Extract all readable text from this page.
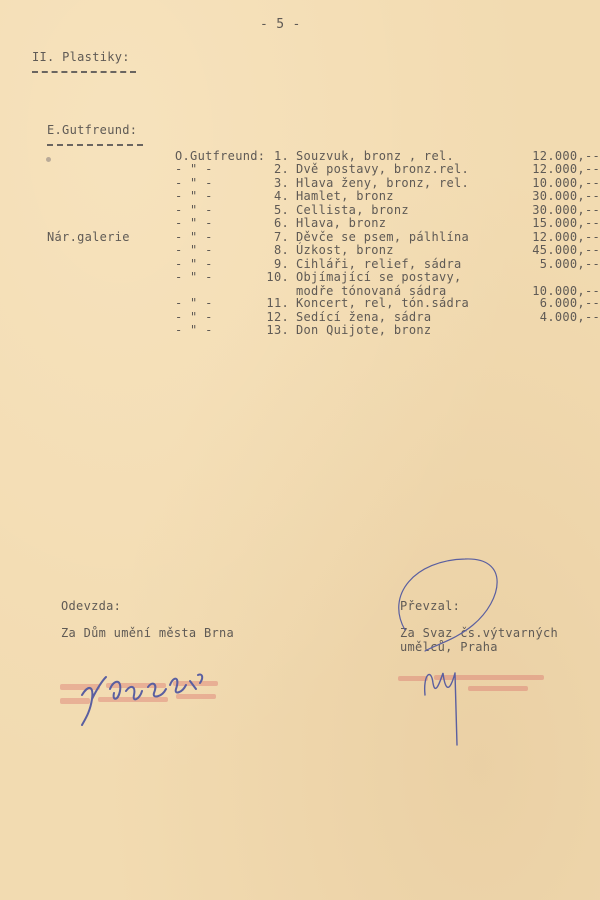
- 5 -
II. Plastiky:
E.Gutfreund:
Nár.galerie
O.Gutfreund: 1. Souzvuk, bronz , rel.	12.000,--
- " -	2. Dvě postavy, bronz.rel.	12.000,--
- " -	3. Hlava ženy, bronz, rel.	10.000,--
- " -	4. Hamlet, bronz	30.000,--
- " -	5. Cellista, bronz	30.000,--
- " -	6. Hlava, bronz	15.000,--
- " -	7. Děvče se psem, pálhlína	12.000,--
- " -	8. Úzkost, bronz	45.000,--
- " -	9. Cihláři, relief, sádra	5.000,--
- " -	10. Objímající se postavy,
modře tónovaná sádra	10.000,--
- " -	11. Koncert, rel, tón.sádra	6.000,--
- " -	12. Sedící žena, sádra	4.000,--
- " -	13. Don Quijote, bronz
Odevzda:
Za Dům umění města Brna
Převzal:
Za Svaz čs.výtvarných
umělců, Praha
